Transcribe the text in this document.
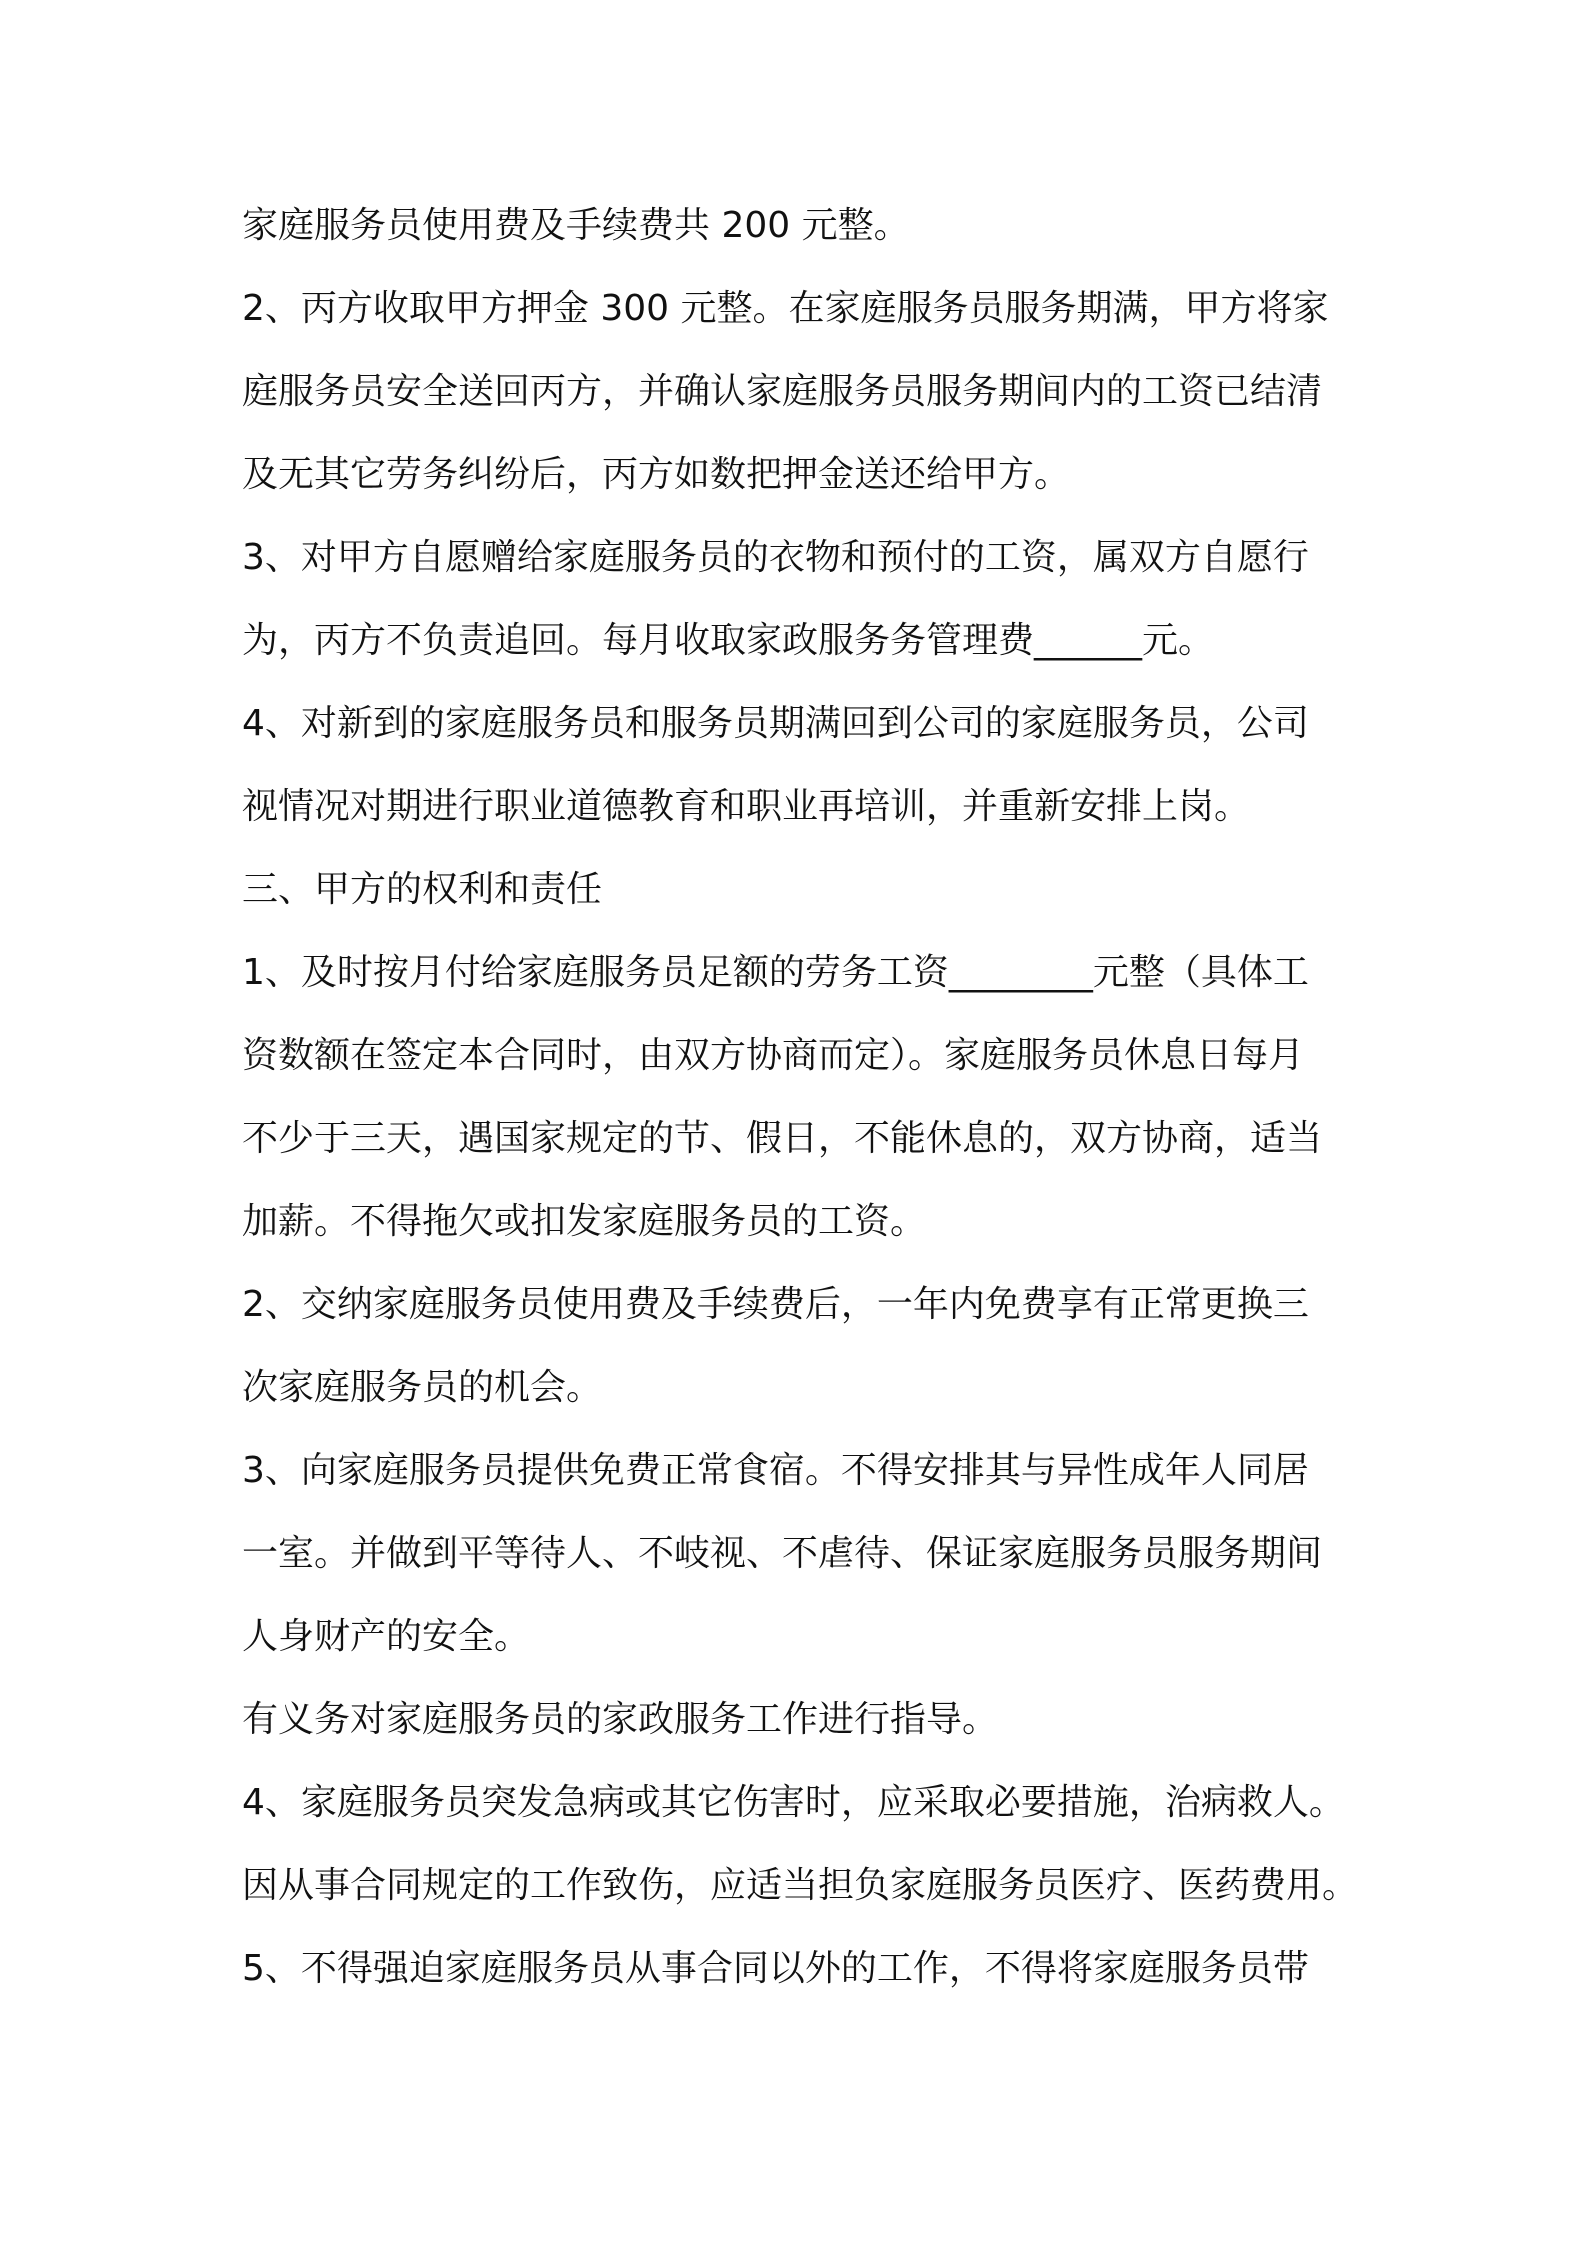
家庭服务员使用费及手续费共 200 元整。
2、丙方收取甲方押金 300 元整。在家庭服务员服务期满，甲方将家
庭服务员安全送回丙方，并确认家庭服务员服务期间内的工资已结清
及无其它劳务纠纷后，丙方如数把押金送还给甲方。
3、对甲方自愿赠给家庭服务员的衣物和预付的工资，属双方自愿行
为，丙方不负责追回。每月收取家政服务务管理费______元。
4、对新到的家庭服务员和服务员期满回到公司的家庭服务员，公司
视情况对期进行职业道德教育和职业再培训，并重新安排上岗。
三、甲方的权利和责任
1、及时按月付给家庭服务员足额的劳务工资________元整（具体工
资数额在签定本合同时，由双方协商而定）。家庭服务员休息日每月
不少于三天，遇国家规定的节、假日，不能休息的，双方协商，适当
加薪。不得拖欠或扣发家庭服务员的工资。
2、交纳家庭服务员使用费及手续费后，一年内免费享有正常更换三
次家庭服务员的机会。
3、向家庭服务员提供免费正常食宿。不得安排其与异性成年人同居
一室。并做到平等待人、不岐视、不虐待、保证家庭服务员服务期间
人身财产的安全。
有义务对家庭服务员的家政服务工作进行指导。
4、家庭服务员突发急病或其它伤害时，应采取必要措施，治病救人。
因从事合同规定的工作致伤，应适当担负家庭服务员医疗、医药费用。
5、不得强迫家庭服务员从事合同以外的工作，不得将家庭服务员带
